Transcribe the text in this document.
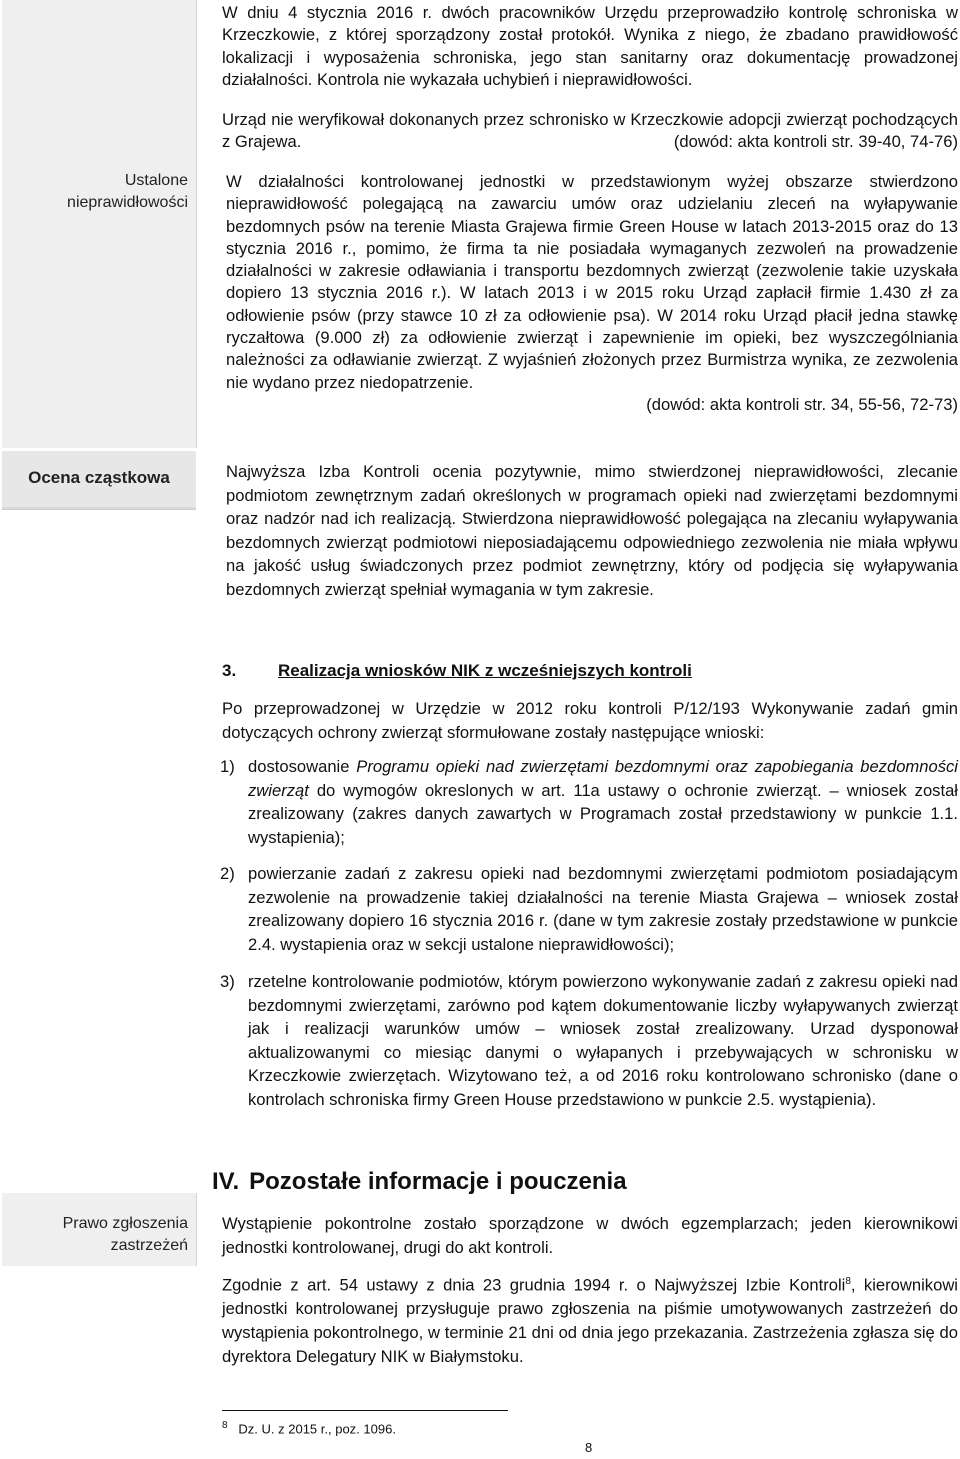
Ustalone
nieprawidłowości
Ocena cząstkowa
Prawo zgłoszenia
zastrzeżeń

W dniu 4 stycznia 2016 r. dwóch pracowników Urzędu przeprowadziło kontrolę schroniska w Krzeczkowie, z której sporządzony został protokół. Wynika z niego, że zbadano prawidłowość lokalizacji i wyposażenia schroniska, jego stan sanitarny oraz dokumentację prowadzonej działalności. Kontrola nie wykazała uchybień i nieprawidłowości.

Urząd nie weryfikował dokonanych przez schronisko w Krzeczkowie adopcji zwierząt pochodzących z Grajewa.	(dowód: akta kontroli str. 39-40, 74-76)

W działalności kontrolowanej jednostki w przedstawionym wyżej obszarze stwierdzono nieprawidłowość polegającą na zawarciu umów oraz udzielaniu zleceń na wyłapywanie bezdomnych psów na terenie Miasta Grajewa firmie Green House w latach 2013-2015 oraz do 13 stycznia 2016 r., pomimo, że firma ta nie posiadała wymaganych zezwoleń na prowadzenie działalności w zakresie odławiania i transportu bezdomnych zwierząt (zezwolenie takie uzyskała dopiero 13 stycznia 2016 r.). W latach 2013 i w 2015 roku Urząd zapłacił firmie 1.430 zł za odłowienie psów (przy stawce 10 zł za odłowienie psa). W 2014 roku Urząd płacił jedna stawkę ryczałtowa (9.000 zł) za odłowienie zwierząt i zapewnienie im opieki, bez wyszczególniania należności za odławianie zwierząt. Z wyjaśnień złożonych przez Burmistrza wynika, ze zezwolenia nie wydano przez niedopatrzenie.
(dowód: akta kontroli str. 34, 55-56, 72-73)

Najwyższa Izba Kontroli ocenia pozytywnie, mimo stwierdzonej nieprawidłowości, zlecanie podmiotom zewnętrznym zadań określonych w programach opieki nad zwierzętami bezdomnymi oraz nadzór nad ich realizacją. Stwierdzona nieprawidłowość polegająca na zlecaniu wyłapywania bezdomnych zwierząt podmiotowi nieposiadającemu odpowiedniego zezwolenia nie miała wpływu na jakość usług świadczonych przez podmiot zewnętrzny, który od podjęcia się wyłapywania bezdomnych zwierząt spełniał wymagania w tym zakresie.

3. Realizacja wniosków NIK z wcześniejszych kontroli

Po przeprowadzonej w Urzędzie w 2012 roku kontroli P/12/193 Wykonywanie zadań gmin dotyczących ochrony zwierząt sformułowane zostały następujące wnioski:

1) dostosowanie Programu opieki nad zwierzętami bezdomnymi oraz zapobiegania bezdomności zwierząt do wymogów okreslonych w art. 11a ustawy o ochronie zwierząt. – wniosek został zrealizowany (zakres danych zawartych w Programach został przedstawiony w punkcie 1.1. wystapienia);
2) powierzanie zadań z zakresu opieki nad bezdomnymi zwierzętami podmiotom posiadającym zezwolenie na prowadzenie takiej działalności na terenie Miasta Grajewa – wniosek został zrealizowany dopiero 16 stycznia 2016 r. (dane w tym zakresie zostały przedstawione w punkcie 2.4. wystapienia oraz w sekcji ustalone nieprawidłowości);
3) rzetelne kontrolowanie podmiotów, którym powierzono wykonywanie zadań z zakresu opieki nad bezdomnymi zwierzętami, zarówno pod kątem dokumentowanie liczby wyłapywanych zwierząt jak i realizacji warunków umów – wniosek został zrealizowany. Urzad dysponował aktualizowanymi co miesiąc danymi o wyłapanych i przebywających w schronisku w Krzeczkowie zwierzętach. Wizytowano też, a od 2016 roku kontrolowano schronisko (dane o kontrolach schroniska firmy Green House przedstawiono w punkcie 2.5. wystąpienia).
IV. Pozostałe informacje i pouczenia

Wystąpienie pokontrolne zostało sporządzone w dwóch egzemplarzach; jeden kierownikowi jednostki kontrolowanej, drugi do akt kontroli.

Zgodnie z art. 54 ustawy z dnia 23 grudnia 1994 r. o Najwyższej Izbie Kontroli$^8$, kierownikowi jednostki kontrolowanej przysługuje prawo zgłoszenia na piśmie umotywowanych zastrzeżeń do wystąpienia pokontrolnego, w terminie 21 dni od dnia jego przekazania. Zastrzeżenia zgłasza się do dyrektora Delegatury NIK w Białymstoku.

$^8$ Dz. U. z 2015 r., poz. 1096.
8
